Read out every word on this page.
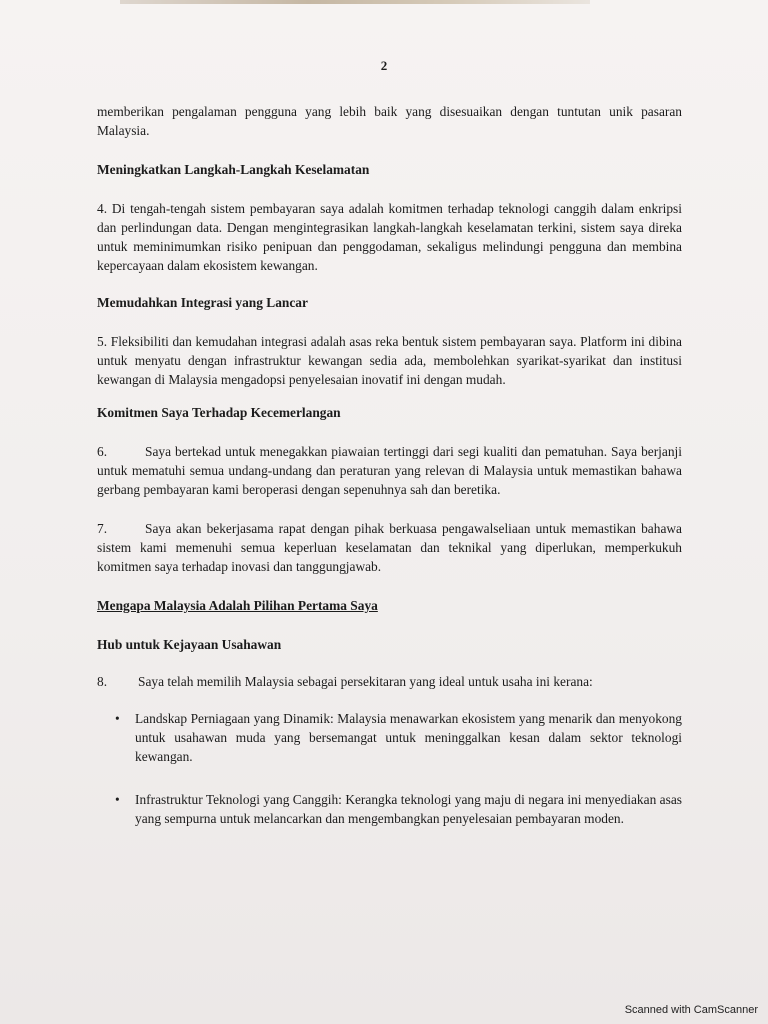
2

memberikan pengalaman pengguna yang lebih baik yang disesuaikan dengan tuntutan unik pasaran Malaysia.

Meningkatkan Langkah-Langkah Keselamatan

4. Di tengah-tengah sistem pembayaran saya adalah komitmen terhadap teknologi canggih dalam enkripsi dan perlindungan data. Dengan mengintegrasikan langkah-langkah keselamatan terkini, sistem saya direka untuk meminimumkan risiko penipuan dan penggodaman, sekaligus melindungi pengguna dan membina kepercayaan dalam ekosistem kewangan.

Memudahkan Integrasi yang Lancar

5. Fleksibiliti dan kemudahan integrasi adalah asas reka bentuk sistem pembayaran saya. Platform ini dibina untuk menyatu dengan infrastruktur kewangan sedia ada, membolehkan syarikat-syarikat dan institusi kewangan di Malaysia mengadopsi penyelesaian inovatif ini dengan mudah.

Komitmen Saya Terhadap Kecemerlangan

6.	Saya bertekad untuk menegakkan piawaian tertinggi dari segi kualiti dan pematuhan. Saya berjanji untuk mematuhi semua undang-undang dan peraturan yang relevan di Malaysia untuk memastikan bahawa gerbang pembayaran kami beroperasi dengan sepenuhnya sah dan beretika.

7.	Saya akan bekerjasama rapat dengan pihak berkuasa pengawalseliaan untuk memastikan bahawa sistem kami memenuhi semua keperluan keselamatan dan teknikal yang diperlukan, memperkukuh komitmen saya terhadap inovasi dan tanggungjawab.

Mengapa Malaysia Adalah Pilihan Pertama Saya

Hub untuk Kejayaan Usahawan

8.	Saya telah memilih Malaysia sebagai persekitaran yang ideal untuk usaha ini kerana:
• Landskap Perniagaan yang Dinamik: Malaysia menawarkan ekosistem yang menarik dan menyokong untuk usahawan muda yang bersemangat untuk meninggalkan kesan dalam sektor teknologi kewangan.
• Infrastruktur Teknologi yang Canggih: Kerangka teknologi yang maju di negara ini menyediakan asas yang sempurna untuk melancarkan dan mengembangkan penyelesaian pembayaran moden.
Scanned with CamScanner
